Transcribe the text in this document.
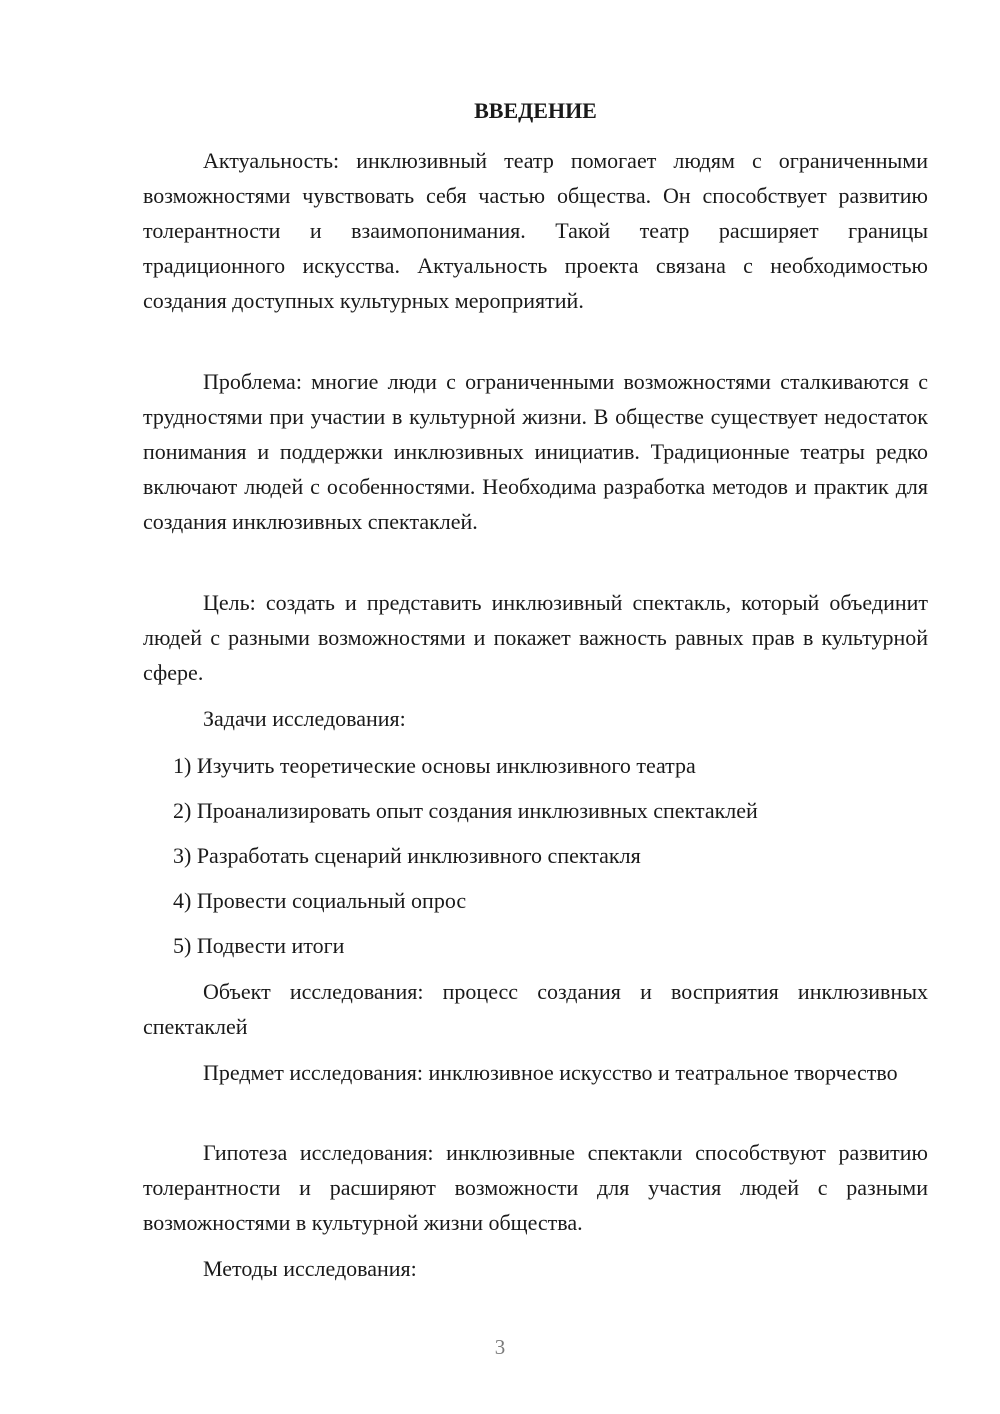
ВВЕДЕНИЕ

Актуальность: инклюзивный театр помогает людям с ограниченными возможностями чувствовать себя частью общества. Он способствует развитию толерантности и взаимопонимания. Такой театр расширяет границы традиционного искусства. Актуальность проекта связана с необходимостью создания доступных культурных мероприятий.

Проблема: многие люди с ограниченными возможностями сталкиваются с трудностями при участии в культурной жизни. В обществе существует недостаток понимания и поддержки инклюзивных инициатив. Традиционные театры редко включают людей с особенностями. Необходима разработка методов и практик для создания инклюзивных спектаклей.

Цель: создать и представить инклюзивный спектакль, который объединит людей с разными возможностями и покажет важность равных прав в культурной сфере.

Задачи исследования:

1) Изучить теоретические основы инклюзивного театра

2) Проанализировать опыт создания инклюзивных спектаклей

3) Разработать сценарий инклюзивного спектакля

4) Провести социальный опрос

5) Подвести итоги

Объект исследования: процесс создания и восприятия инклюзивных спектаклей

Предмет исследования: инклюзивное искусство и театральное творчество

Гипотеза исследования: инклюзивные спектакли способствуют развитию толерантности и расширяют возможности для участия людей с разными возможностями в культурной жизни общества.

Методы исследования:

3
